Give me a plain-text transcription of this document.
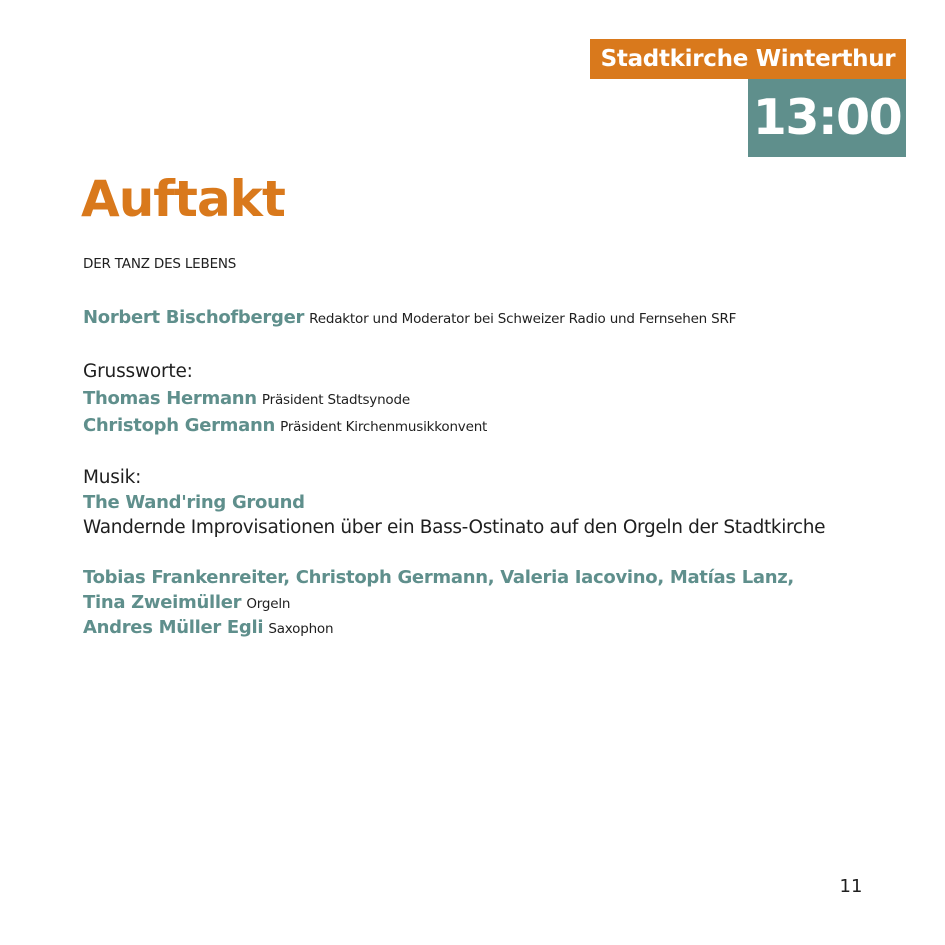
Stadtkirche Winterthur
13:00
Auftakt
DER TANZ DES LEBENS
Norbert Bischofberger Redaktor und Moderator bei Schweizer Radio und Fernsehen SRF
Grussworte:
Thomas Hermann Präsident Stadtsynode
Christoph Germann Präsident Kirchenmusikkonvent
Musik:
The Wand'ring Ground
Wandernde Improvisationen über ein Bass-Ostinato auf den Orgeln der Stadtkirche
Tobias Frankenreiter, Christoph Germann, Valeria Iacovino, Matías Lanz,
Tina Zweimüller Orgeln
Andres Müller Egli Saxophon
11
